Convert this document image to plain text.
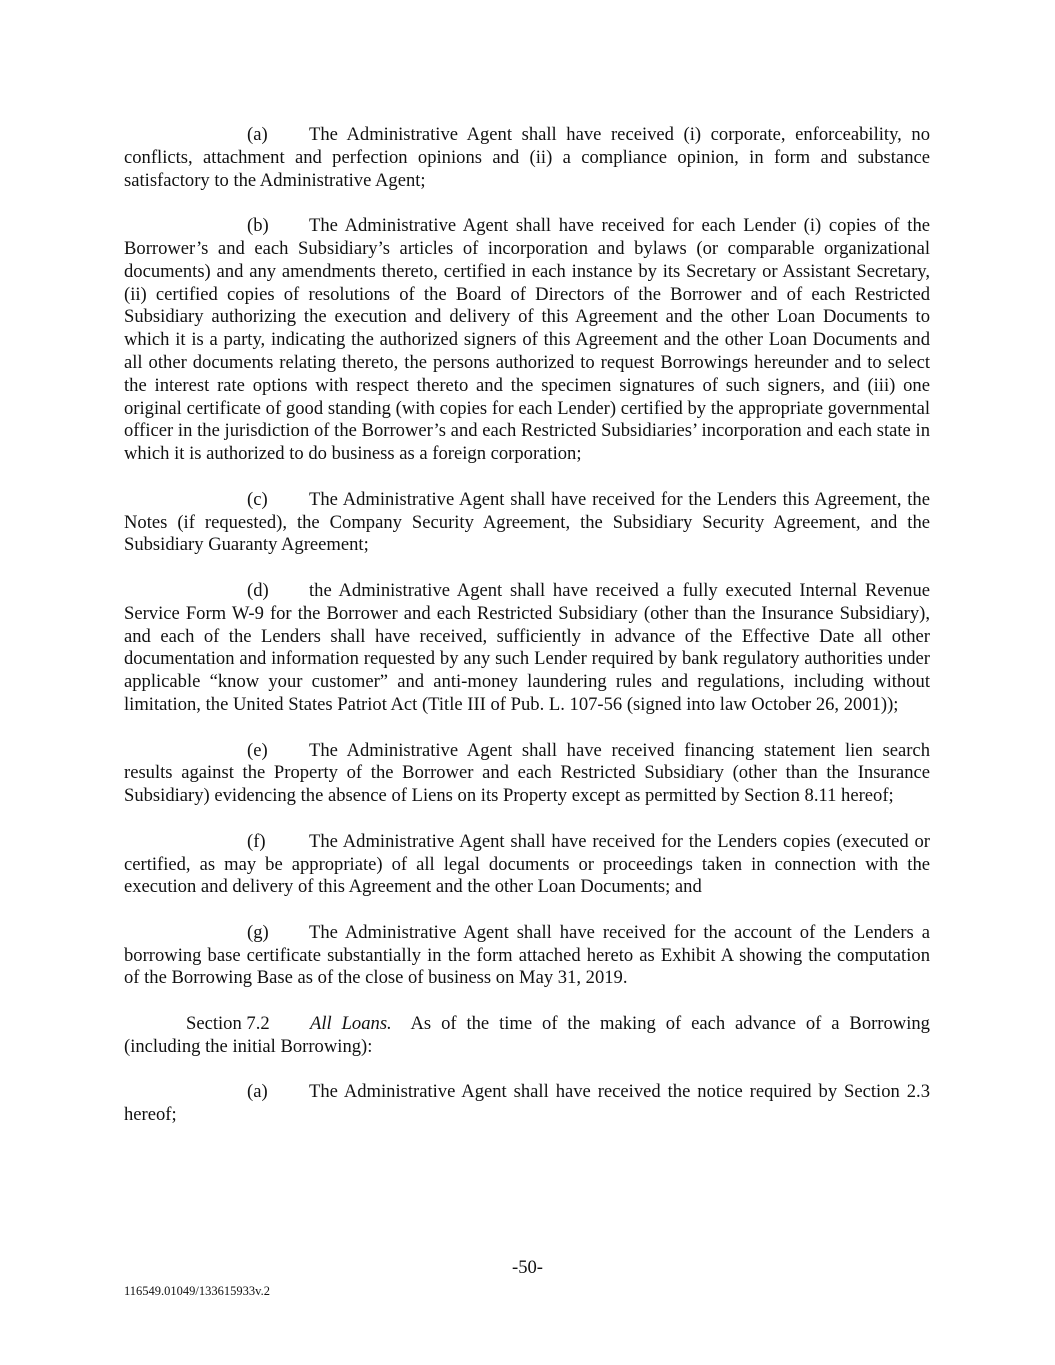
(a) The Administrative Agent shall have received (i) corporate, enforceability, no conflicts, attachment and perfection opinions and (ii) a compliance opinion, in form and substance satisfactory to the Administrative Agent;

(b) The Administrative Agent shall have received for each Lender (i) copies of the Borrower’s and each Subsidiary’s articles of incorporation and bylaws (or comparable organizational documents) and any amendments thereto, certified in each instance by its Secretary or Assistant Secretary, (ii) certified copies of resolutions of the Board of Directors of the Borrower and of each Restricted Subsidiary authorizing the execution and delivery of this Agreement and the other Loan Documents to which it is a party, indicating the authorized signers of this Agreement and the other Loan Documents and all other documents relating thereto, the persons authorized to request Borrowings hereunder and to select the interest rate options with respect thereto and the specimen signatures of such signers, and (iii) one original certificate of good standing (with copies for each Lender) certified by the appropriate governmental officer in the jurisdiction of the Borrower’s and each Restricted Subsidiaries’ incorporation and each state in which it is authorized to do business as a foreign corporation;

(c) The Administrative Agent shall have received for the Lenders this Agreement, the Notes (if requested), the Company Security Agreement, the Subsidiary Security Agreement, and the Subsidiary Guaranty Agreement;

(d) the Administrative Agent shall have received a fully executed Internal Revenue Service Form W-9 for the Borrower and each Restricted Subsidiary (other than the Insurance Subsidiary), and each of the Lenders shall have received, sufficiently in advance of the Effective Date all other documentation and information requested by any such Lender required by bank regulatory authorities under applicable “know your customer” and anti-money laundering rules and regulations, including without limitation, the United States Patriot Act (Title III of Pub. L. 107-56 (signed into law October 26, 2001));

(e) The Administrative Agent shall have received financing statement lien search results against the Property of the Borrower and each Restricted Subsidiary (other than the Insurance Subsidiary) evidencing the absence of Liens on its Property except as permitted by Section 8.11 hereof;

(f) The Administrative Agent shall have received for the Lenders copies (executed or certified, as may be appropriate) of all legal documents or proceedings taken in connection with the execution and delivery of this Agreement and the other Loan Documents; and

(g) The Administrative Agent shall have received for the account of the Lenders a borrowing base certificate substantially in the form attached hereto as Exhibit A showing the computation of the Borrowing Base as of the close of business on May 31, 2019.

Section 7.2 All Loans. As of the time of the making of each advance of a Borrowing (including the initial Borrowing):

(a) The Administrative Agent shall have received the notice required by Section 2.3 hereof;

-50-
116549.01049/133615933v.2
